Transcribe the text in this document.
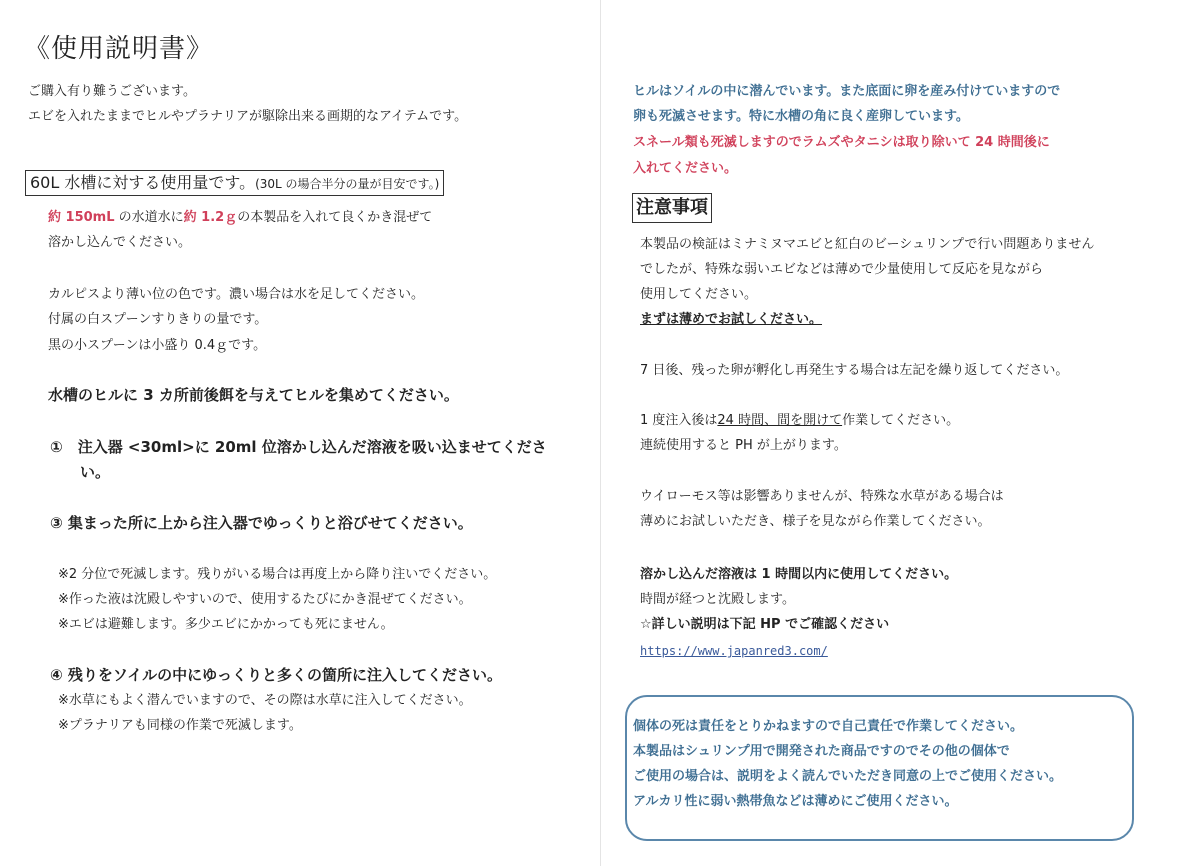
《使用説明書》
ご購入有り難うございます。
エビを入れたままでヒルやプラナリアが駆除出来る画期的なアイテムです。
60L 水槽に対する使用量です。(30L の場合半分の量が目安です。)
約 150mL の水道水に約 1.2ｇの本製品を入れて良くかき混ぜて
溶かし込んでください。
カルピスより薄い位の色です。濃い場合は水を足してください。
付属の白スプーンすりきりの量です。
黒の小スプーンは小盛り 0.4ｇです。
水槽のヒルに 3 カ所前後餌を与えてヒルを集めてください。
①　注入器 <30ml>に 20ml 位溶かし込んだ溶液を吸い込ませてくださ
い。
③ 集まった所に上から注入器でゆっくりと浴びせてください。
※2 分位で死滅します。残りがいる場合は再度上から降り注いでください。
※作った液は沈殿しやすいので、使用するたびにかき混ぜてください。
※エビは避難します。多少エビにかかっても死にません。
④ 残りをソイルの中にゆっくりと多くの箇所に注入してください。
※水草にもよく潜んでいますので、その際は水草に注入してください。
※プラナリアも同様の作業で死滅します。
ヒルはソイルの中に潜んでいます。また底面に卵を産み付けていますので
卵も死滅させます。特に水槽の角に良く産卵しています。
スネール類も死滅しますのでラムズやタニシは取り除いて 24 時間後に
入れてください。
注意事項
本製品の検証はミナミヌマエビと紅白のビーシュリンプで行い問題ありません
でしたが、特殊な弱いエビなどは薄めで少量使用して反応を見ながら
使用してください。
まずは薄めでお試しください。
7 日後、残った卵が孵化し再発生する場合は左記を繰り返してください。
1 度注入後は24 時間、間を開けて作業してください。
連続使用すると PH が上がります。
ウイローモス等は影響ありませんが、特殊な水草がある場合は
薄めにお試しいただき、様子を見ながら作業してください。
溶かし込んだ溶液は 1 時間以内に使用してください。
時間が経つと沈殿します。
☆詳しい説明は下記 HP でご確認ください
https://www.japanred3.com/
個体の死は責任をとりかねますので自己責任で作業してください。
本製品はシュリンプ用で開発された商品ですのでその他の個体で
ご使用の場合は、説明をよく読んでいただき同意の上でご使用ください。
アルカリ性に弱い熱帯魚などは薄めにご使用ください。
